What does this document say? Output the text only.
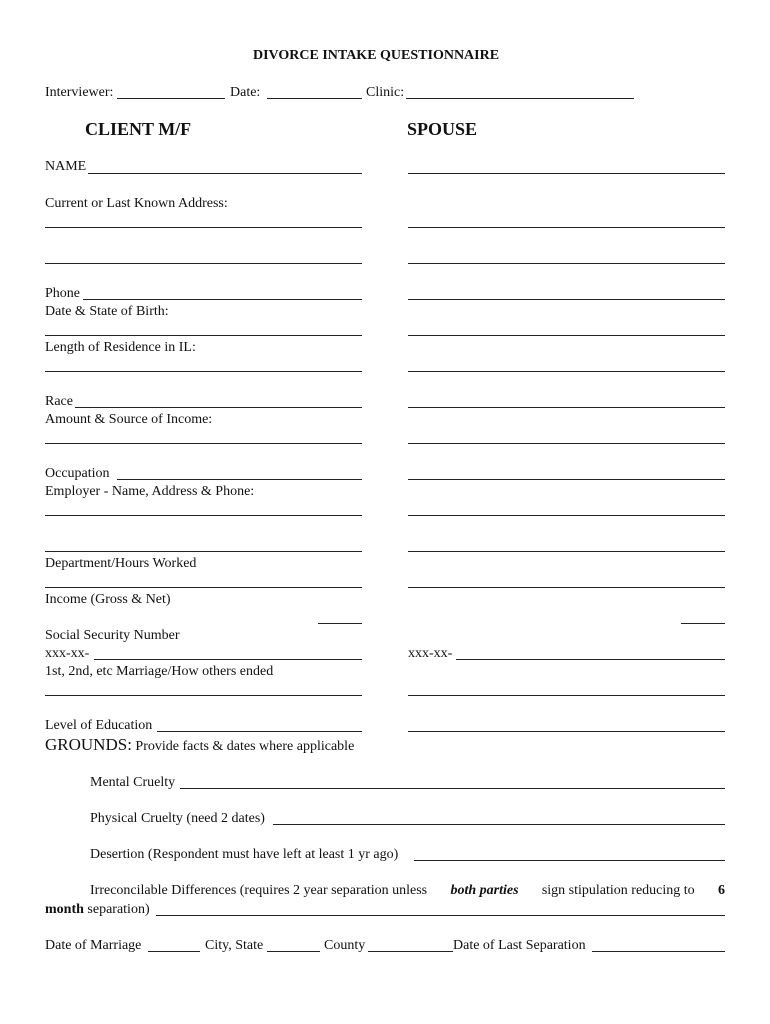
DIVORCE INTAKE QUESTIONNAIRE
Interviewer:	Date:	Clinic:
CLIENT M/F	SPOUSE
NAME
Current or Last Known Address:
Phone
Date & State of Birth:
Length of Residence in IL:
Race
Amount & Source of Income:
Occupation
Employer - Name, Address & Phone:
Department/Hours Worked
Income (Gross & Net)
Social Security Number
xxx-xx-	xxx-xx-
1st, 2nd, etc Marriage/How others ended
Level of Education
GROUNDS: Provide facts & dates where applicable
Mental Cruelty
Physical Cruelty (need 2 dates)
Desertion (Respondent must have left at least 1 yr ago)
Irreconcilable Differences (requires 2 year separation unless both parties sign stipulation reducing to 6
month separation)
Date of Marriage	City, State	County	Date of Last Separation
